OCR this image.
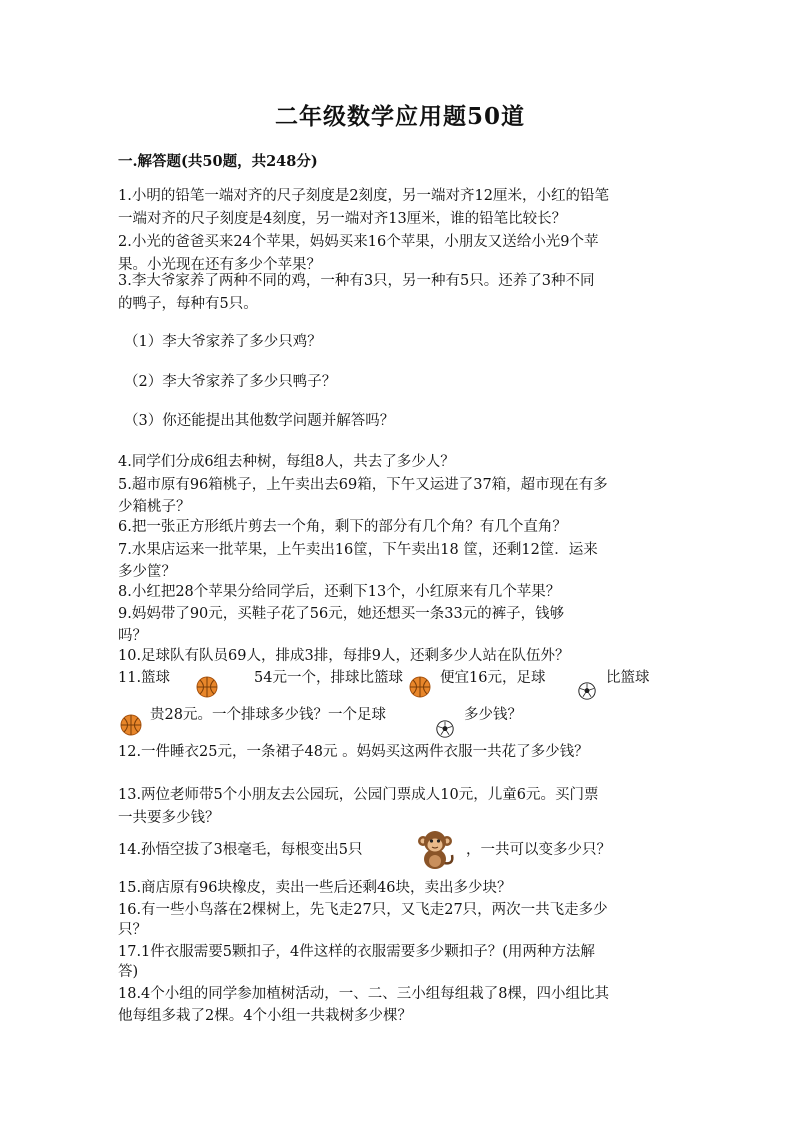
二年级数学应用题50道
一.解答题(共50题，共248分)
1.小明的铅笔一端对齐的尺子刻度是2刻度，另一端对齐12厘米，小红的铅笔
一端对齐的尺子刻度是4刻度，另一端对齐13厘米，谁的铅笔比较长？
2.小光的爸爸买来24个苹果，妈妈买来16个苹果，小朋友又送给小光9个苹
果。小光现在还有多少个苹果？
3.李大爷家养了两种不同的鸡，一种有3只，另一种有5只。还养了3种不同
的鸭子，每种有5只。
（1）李大爷家养了多少只鸡？
（2）李大爷家养了多少只鸭子？
（3）你还能提出其他数学问题并解答吗？
4.同学们分成6组去种树，每组8人，共去了多少人？
5.超市原有96箱桃子，上午卖出去69箱，下午又运进了37箱，超市现在有多
少箱桃子？
6.把一张正方形纸片剪去一个角，剩下的部分有几个角？有几个直角？
7.水果店运来一批苹果，上午卖出16筐，下午卖出18 筐，还剩12筐．运来
多少筐？
8.小红把28个苹果分给同学后，还剩下13个，小红原来有几个苹果？
9.妈妈带了90元，买鞋子花了56元，她还想买一条33元的裤子，钱够
吗？
10.足球队有队员69人，排成3排，每排9人，还剩多少人站在队伍外？
11.篮球	54元一个，排球比篮球	便宜16元，足球	比篮球
贵28元。一个排球多少钱？一个足球	多少钱？
12.一件睡衣25元，一条裙子48元 。妈妈买这两件衣服一共花了多少钱？
13.两位老师带5个小朋友去公园玩，公园门票成人10元，儿童6元。买门票
一共要多少钱？
14.孙悟空拔了3根毫毛，每根变出5只	，一共可以变多少只？
15.商店原有96块橡皮，卖出一些后还剩46块，卖出多少块？
16.有一些小鸟落在2棵树上，先飞走27只，又飞走27只，两次一共飞走多少
只？
17.1件衣服需要5颗扣子，4件这样的衣服需要多少颗扣子？(用两种方法解
答)
18.4个小组的同学参加植树活动，一、二、三小组每组栽了8棵，四小组比其
他每组多栽了2棵。4个小组一共栽树多少棵？
